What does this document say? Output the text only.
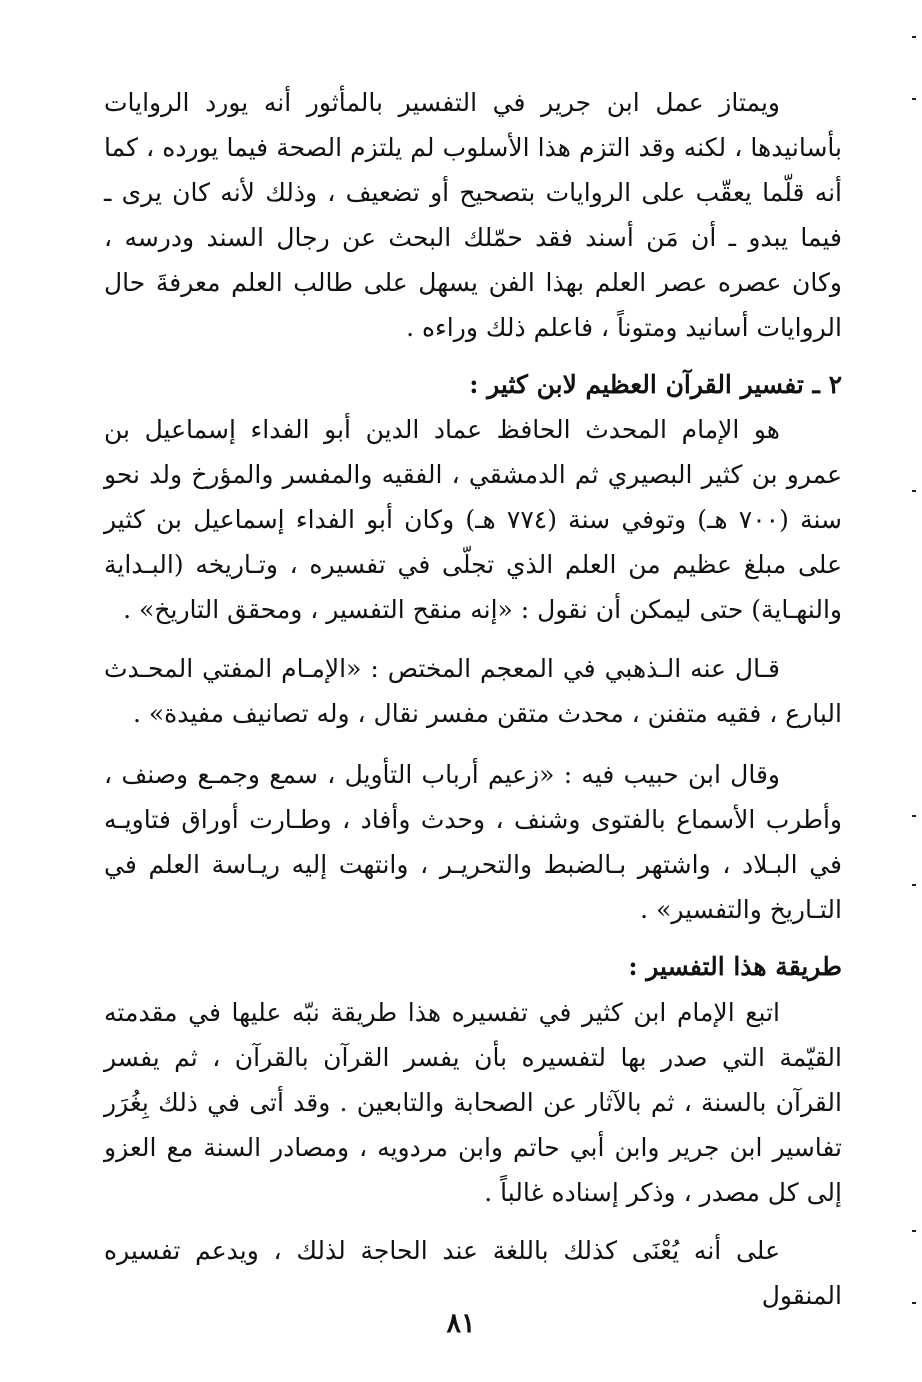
ويمتاز عمل ابن جرير في التفسير بالمأثور أنه يورد الروايات بأسانيدها ، لكنه وقد التزم هذا الأسلوب لم يلتزم الصحة فيما يورده ، كما أنه قلّما يعقّب على الروايات بتصحيح أو تضعيف ، وذلك لأنه كان يرى ـ فيما يبدو ـ أن مَن أسند فقد حمّلك البحث عن رجال السند ودرسه ، وكان عصره عصر العلم بهذا الفن يسهل على طالب العلم معرفةَ حال الروايات أسانيد ومتوناً ، فاعلم ذلك وراءه .

٢ ـ تفسير القرآن العظيم لابن كثير :

هو الإمام المحدث الحافظ عماد الدين أبو الفداء إسماعيل بن عمرو بن كثير البصيري ثم الدمشقي ، الفقيه والمفسر والمؤرخ ولد نحو سنة (٧٠٠ هـ) وتوفي سنة (٧٧٤ هـ) وكان أبو الفداء إسماعيل بن كثير على مبلغ عظيم من العلم الذي تجلّى في تفسيره ، وتـاريخه (البـداية والنهـاية) حتى ليمكن أن نقول : «إنه منقح التفسير ، ومحقق التاريخ» .

قـال عنه الـذهبي في المعجم المختص : «الإمـام المفتي المحـدث البارع ، فقيه متفنن ، محدث متقن مفسر نقال ، وله تصانيف مفيدة» .

وقال ابن حبيب فيه : «زعيم أرباب التأويل ، سمع وجمـع وصنف ، وأطرب الأسماع بالفتوى وشنف ، وحدث وأفاد ، وطـارت أوراق فتاويـه في البـلاد ، واشتهر بـالضبط والتحريـر ، وانتهت إليه ريـاسة العلم في التـاريخ والتفسير» .

طريقة هذا التفسير :

اتبع الإمام ابن كثير في تفسيره هذا طريقة نبّه عليها في مقدمته القيّمة التي صدر بها لتفسيره بأن يفسر القرآن بالقرآن ، ثم يفسر القرآن بالسنة ، ثم بالآثار عن الصحابة والتابعين . وقد أتى في ذلك بِغُرَر تفاسير ابن جرير وابن أبي حاتم وابن مردويه ، ومصادر السنة مع العزو إلى كل مصدر ، وذكر إسناده غالباً .

على أنه يُعْنَى كذلك باللغة عند الحاجة لذلك ، ويدعم تفسيره المنقول

٨١
